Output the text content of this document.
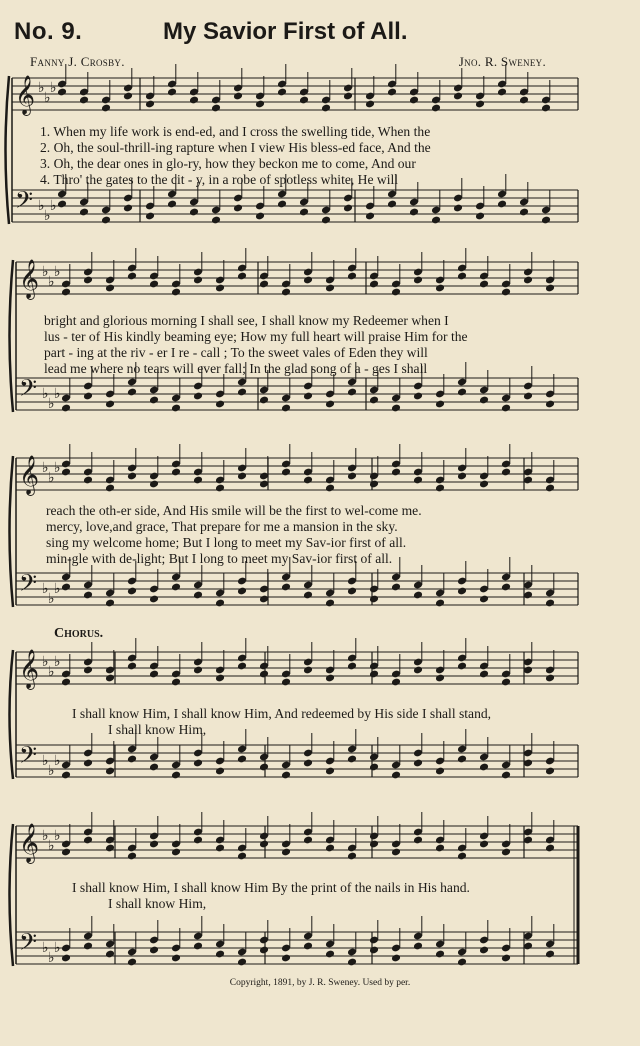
No. 9.	My Savior First of All.
Fanny J. Crosby.	Jno. R. Sweney.
𝄞
𝄢
♭
♭
♭
♭
♭
♭
𝄞
𝄢
♭
♭
♭
♭
♭
♭
𝄞
𝄢
♭
♭
♭
♭
♭
♭
𝄞
𝄢
♭
♭
♭
♭
♭
♭
𝄞
𝄢
♭
♭
♭
♭
♭
♭
1. When my life work is end-ed, and I cross the swelling tide, When the
2. Oh, the soul-thrill-ing rapture when I view His bless-ed face, And the
3. Oh, the dear ones in glo-ry, how they beckon me to come, And our
4. Thro' the gates to the cit - y, in a robe of spotless white, He will
bright and glorious morning I shall see, I shall know my Redeemer when I
lus - ter of His kindly beaming eye; How my full heart will praise Him for the
part - ing at the riv - er I re - call ; To the sweet vales of Eden they will
lead me where no tears will ever fall; In the glad song of a - ges I shall
reach the oth-er side, And His smile will be the first to wel-come me.
mercy, love,and grace, That prepare for me a mansion in the sky.
sing my welcome home; But I long to meet my Sav-ior first of all.
min-gle with de-light; But I long to meet my Sav-ior first of all.
Chorus.
I shall know Him, I shall know Him, And redeemed by His side I shall stand,
I shall know Him,
I shall know Him, I shall know Him By the print of the nails in His hand.
I shall know Him,
Copyright, 1891, by J. R. Sweney. Used by per.
